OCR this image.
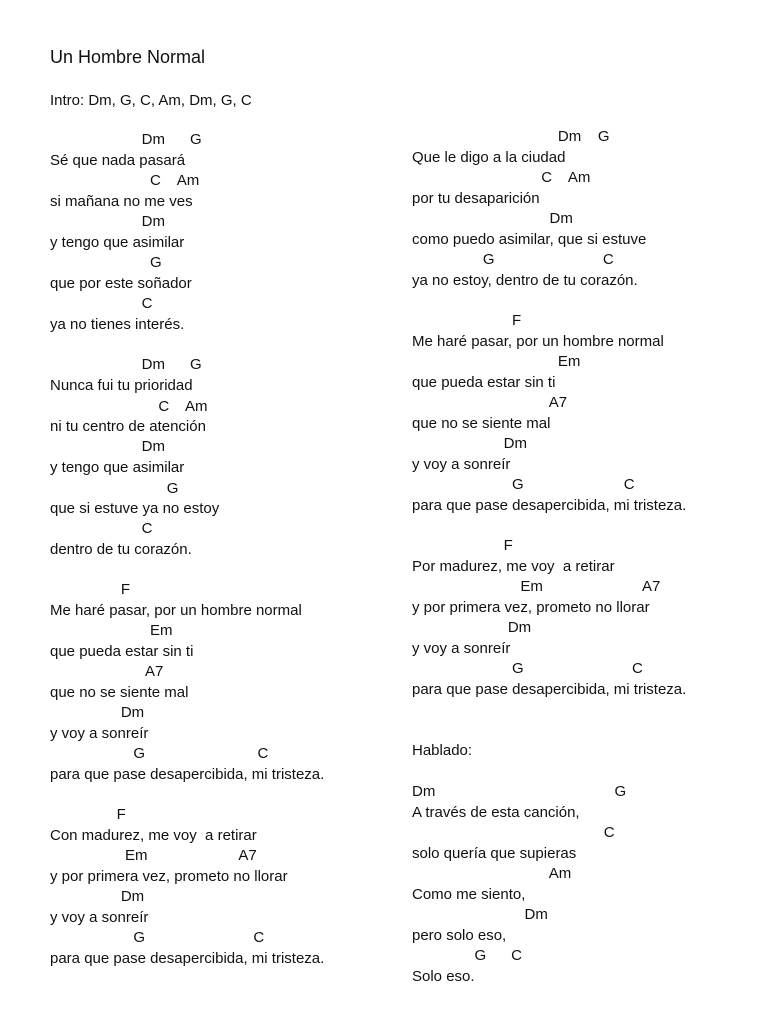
Un Hombre Normal
Intro: Dm, G, C, Am, Dm, G, C

Dm      G

Sé que nada pasará

C    Am

si mañana no me ves

Dm

y tengo que asimilar

G

que por este soñador

C

ya no tienes interés.

Dm      G

Nunca fui tu prioridad

C    Am

ni tu centro de atención

Dm

y tengo que asimilar

G

que si estuve ya no estoy

C

dentro de tu corazón.

F

Me haré pasar, por un hombre normal

Em

que pueda estar sin ti

A7

que no se siente mal

Dm

y voy a sonreír

G                           C

para que pase desapercibida, mi tristeza.

F

Con madurez, me voy  a retirar

Em                      A7

y por primera vez, prometo no llorar

Dm

y voy a sonreír

G                          C

para que pase desapercibida, mi tristeza.

Dm    G

Que le digo a la ciudad

C    Am

por tu desaparición

Dm

como puedo asimilar, que si estuve

G                          C

ya no estoy, dentro de tu corazón.

F

Me haré pasar, por un hombre normal

Em

que pueda estar sin ti

A7

que no se siente mal

Dm

y voy a sonreír

G                        C

para que pase desapercibida, mi tristeza.

F

Por madurez, me voy  a retirar

Em                        A7

y por primera vez, prometo no llorar

Dm

y voy a sonreír

G                          C

para que pase desapercibida, mi tristeza.

Hablado:

Dm                                           G

A través de esta canción,

C

solo quería que supieras

Am

Como me siento,

Dm

pero solo eso,

G      C

Solo eso.
